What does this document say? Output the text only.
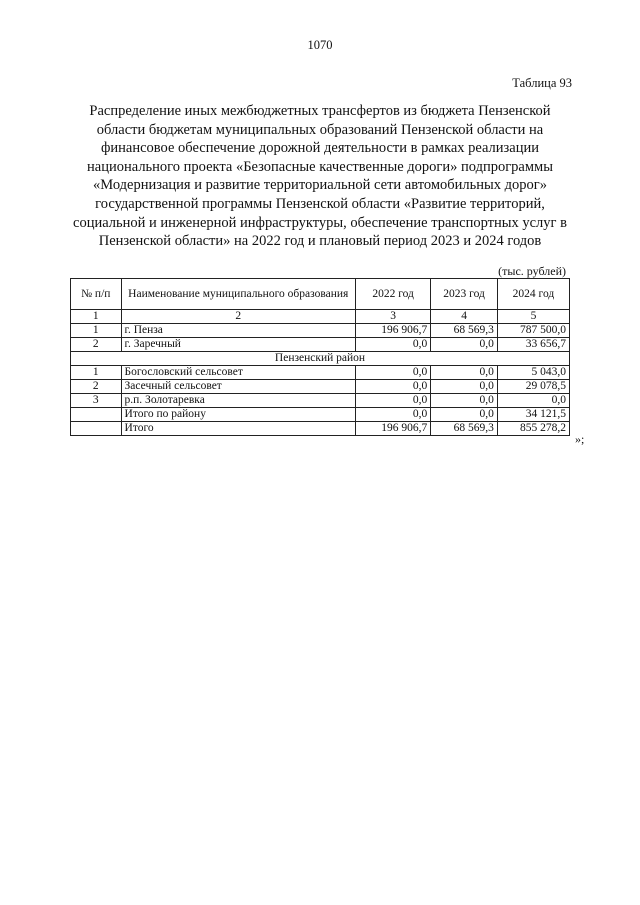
1070
Таблица 93
Распределение иных межбюджетных трансфертов из бюджета Пензенской области бюджетам муниципальных образований Пензенской области на финансовое обеспечение дорожной деятельности в рамках реализации национального проекта «Безопасные качественные дороги» подпрограммы «Модернизация и развитие территориальной сети автомобильных дорог» государственной программы Пензенской области «Развитие территорий, социальной и инженерной инфраструктуры, обеспечение транспортных услуг в Пензенской области» на 2022 год и плановый период 2023 и 2024 годов
(тыс. рублей)
№ п/п	Наименование муниципального образования	2022 год	2023 год	2024 год
1	2	3	4	5
1	г. Пенза	196 906,7	68 569,3	787 500,0
2	г. Заречный	0,0	0,0	33 656,7
Пензенский район				
1	Богословский сельсовет	0,0	0,0	5 043,0
2	Засечный сельсовет	0,0	0,0	29 078,5
3	р.п. Золотаревка	0,0	0,0	0,0
	Итого по району	0,0	0,0	34 121,5
	Итого	196 906,7	68 569,3	855 278,2
»;
